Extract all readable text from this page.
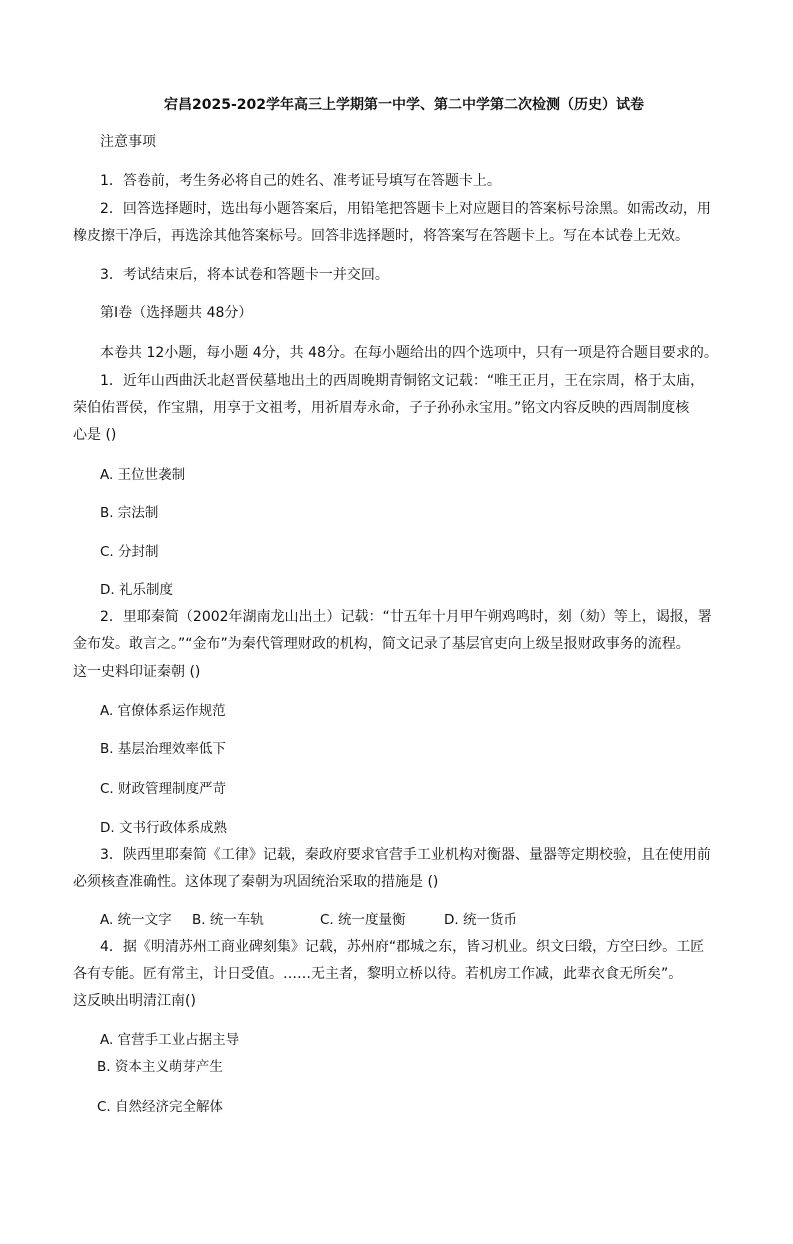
宕昌2025-202学年高三上学期第一中学、第二中学第二次检测（历史）试卷
注意事项
1．答卷前，考生务必将自己的姓名、准考证号填写在答题卡上。
2．回答选择题时，选出每小题答案后，用铅笔把答题卡上对应题目的答案标号涂黑。如需改动，用
橡皮擦干净后，再选涂其他答案标号。回答非选择题时，将答案写在答题卡上。写在本试卷上无效。
3．考试结束后，将本试卷和答题卡一并交回。
第Ⅰ卷（选择题共 48分）
本卷共 12小题，每小题 4分，共 48分。在每小题给出的四个选项中，只有一项是符合题目要求的。
1．近年山西曲沃北赵晋侯墓地出土的西周晚期青铜铭文记载：“唯王正月，王在宗周，格于太庙，
荣伯佑晋侯，作宝鼎，用享于文祖考，用祈眉寿永命，子子孙孙永宝用。”铭文内容反映的西周制度核
心是 ()
A. 王位世袭制
B. 宗法制
C. 分封制
D. 礼乐制度
2．里耶秦简（2002年湖南龙山出土）记载：“廿五年十月甲午朔鸡鸣时，刻（劾）等上，谒报，署
金布发。敢言之。”“金布”为秦代管理财政的机构，简文记录了基层官吏向上级呈报财政事务的流程。
这一史料印证秦朝 ()
A. 官僚体系运作规范
B. 基层治理效率低下
C. 财政管理制度严苛
D. 文书行政体系成熟
3．陕西里耶秦简《工律》记载，秦政府要求官营手工业机构对衡器、量器等定期校验，且在使用前
必须核查准确性。这体现了秦朝为巩固统治采取的措施是 ()
A. 统一文字 B. 统一车轨	C. 统一度量衡	D. 统一货币
4．据《明清苏州工商业碑刻集》记载，苏州府“郡城之东，皆习机业。织文曰缎，方空曰纱。工匠
各有专能。匠有常主，计日受值。……无主者，黎明立桥以待。若机房工作减，此辈衣食无所矣”。
这反映出明清江南()
A. 官营手工业占据主导
B. 资本主义萌芽产生
C. 自然经济完全解体
